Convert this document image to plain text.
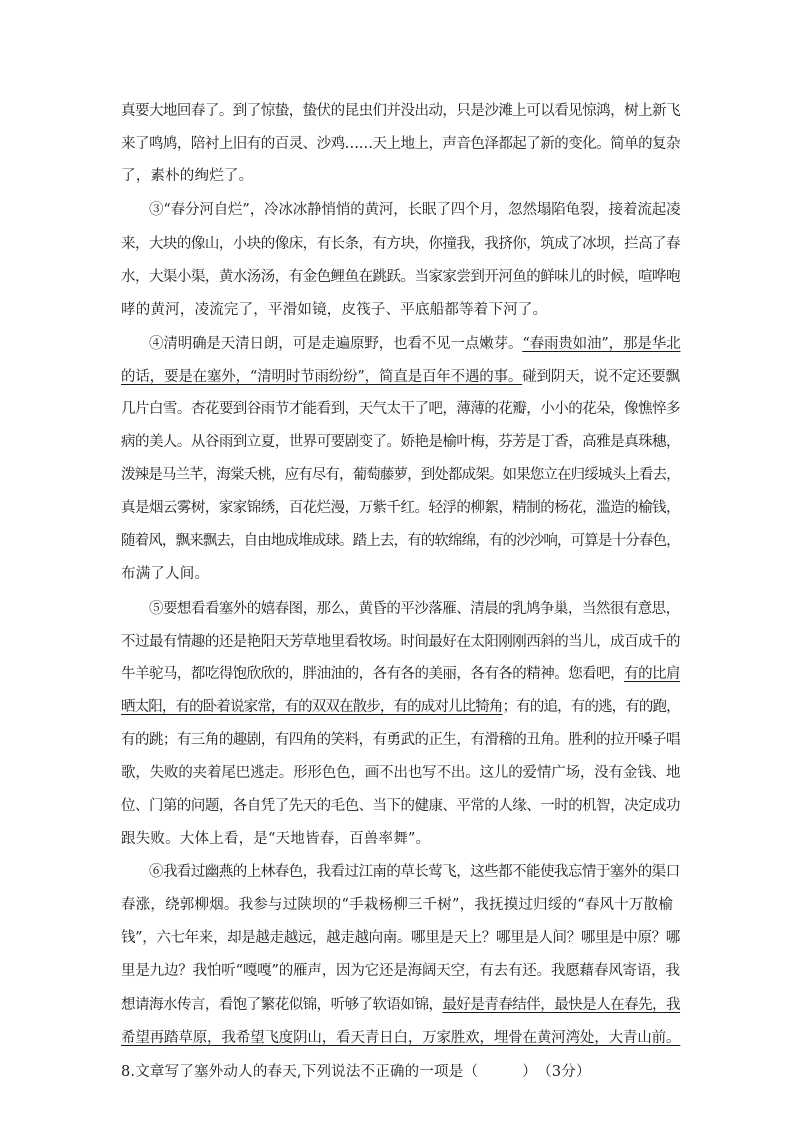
真要大地回春了。到了惊蛰，蛰伏的昆虫们并没出动，只是沙滩上可以看见惊鸿，树上新飞
来了鸣鸠，陪衬上旧有的百灵、沙鸡……天上地上，声音色泽都起了新的变化。简单的复杂
了，素朴的绚烂了。
③“春分河自烂”，冷冰冰静悄悄的黄河，长眠了四个月，忽然塌陷龟裂，接着流起凌
来，大块的像山，小块的像床，有长条，有方块，你撞我，我挤你，筑成了冰坝，拦高了春
水，大渠小渠，黄水汤汤，有金色鲤鱼在跳跃。当家家尝到开河鱼的鲜味儿的时候，喧哗咆
哮的黄河，凌流完了，平滑如镜，皮筏子、平底船都等着下河了。
④清明确是天清日朗，可是走遍原野，也看不见一点嫩芽。“春雨贵如油”，那是华北
的话，要是在塞外，“清明时节雨纷纷”，简直是百年不遇的事。碰到阴天，说不定还要飘
几片白雪。杏花要到谷雨节才能看到，天气太干了吧，薄薄的花瓣，小小的花朵，像憔悴多
病的美人。从谷雨到立夏，世界可要剧变了。娇艳是榆叶梅，芬芳是丁香，高雅是真珠穗，
泼辣是马兰芊，海棠夭桃，应有尽有，葡萄藤萝，到处都成架。如果您立在归绥城头上看去，
真是烟云雾树，家家锦绣，百花烂漫，万紫千红。轻浮的柳絮，精制的杨花，滥造的榆钱，
随着风，飘来飘去，自由地成堆成球。踏上去，有的软绵绵，有的沙沙响，可算是十分春色，
布满了人间。
⑤要想看看塞外的嬉春图，那么，黄昏的平沙落雁、清晨的乳鸠争巢，当然很有意思，
不过最有情趣的还是艳阳天芳草地里看牧场。时间最好在太阳刚刚西斜的当儿，成百成千的
牛羊驼马，都吃得饱欣欣的，胖油油的，各有各的美丽，各有各的精神。您看吧，有的比肩
晒太阳，有的卧着说家常，有的双双在散步，有的成对儿比犄角；有的追，有的逃，有的跑，
有的跳；有三角的趣剧，有四角的笑料，有勇武的正生，有滑稽的丑角。胜利的拉开嗓子唱
歌，失败的夹着尾巴逃走。形形色色，画不出也写不出。这儿的爱情广场，没有金钱、地
位、门第的问题，各自凭了先天的毛色、当下的健康、平常的人缘、一时的机智，决定成功
跟失败。大体上看，是“天地皆春，百兽率舞”。
⑥我看过幽燕的上林春色，我看过江南的草长莺飞，这些都不能使我忘情于塞外的渠口
春涨，绕郭柳烟。我参与过陕坝的“手栽杨柳三千树”，我抚摸过归绥的“春风十万散榆
钱”，六七年来，却是越走越远，越走越向南。哪里是天上？哪里是人间？哪里是中原？哪
里是九边？我怕听“嘎嘎”的雁声，因为它还是海阔天空，有去有还。我愿藉春风寄语，我
想请海水传言，看饱了繁花似锦，听够了软语如锦，最好是青春结伴，最快是人在春先，我
希望再踏草原，我希望飞度阴山，看天青日白，万家胜欢，埋骨在黄河湾处，大青山前。
8.文章写了塞外动人的春天,下列说法不正确的一项是（　　　）　（3分）
